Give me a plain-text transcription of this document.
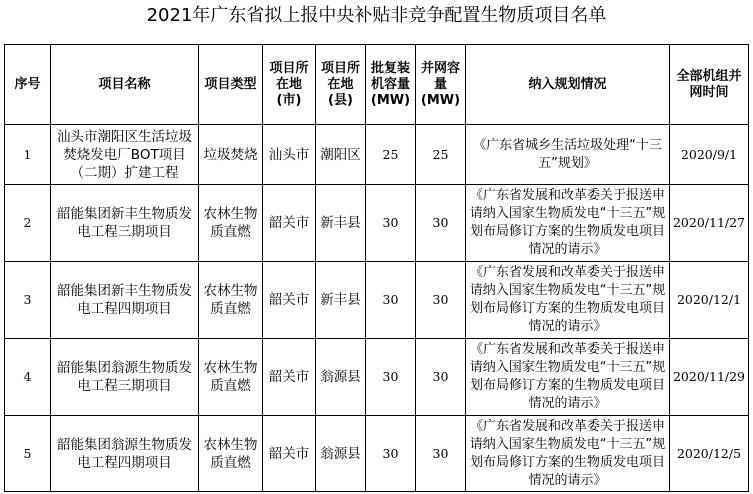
2021年广东省拟上报中央补贴非竞争配置生物质项目名单
序号	项目名称	项目类型	项目所在地(市)	项目所在地(县)	批复装机容量(MW)	并网容量(MW)	纳入规划情况	全部机组并网时间
1	汕头市潮阳区生活垃圾焚烧发电厂BOT项目（二期）扩建工程	垃圾焚烧	汕头市	潮阳区	25	25	《广东省城乡生活垃圾处理“十三五”规划》	2020/9/1
2	韶能集团新丰生物质发电工程三期项目	农林生物质直燃	韶关市	新丰县	30	30	《广东省发展和改革委关于报送申请纳入国家生物质发电“十三五”规划布局修订方案的生物质发电项目情况的请示》	2020/11/27
3	韶能集团新丰生物质发电工程四期项目	农林生物质直燃	韶关市	新丰县	30	30	《广东省发展和改革委关于报送申请纳入国家生物质发电“十三五”规划布局修订方案的生物质发电项目情况的请示》	2020/12/1
4	韶能集团翁源生物质发电工程三期项目	农林生物质直燃	韶关市	翁源县	30	30	《广东省发展和改革委关于报送申请纳入国家生物质发电“十三五”规划布局修订方案的生物质发电项目情况的请示》	2020/11/29
5	韶能集团翁源生物质发电工程四期项目	农林生物质直燃	韶关市	翁源县	30	30	《广东省发展和改革委关于报送申请纳入国家生物质发电“十三五”规划布局修订方案的生物质发电项目情况的请示》	2020/12/5
